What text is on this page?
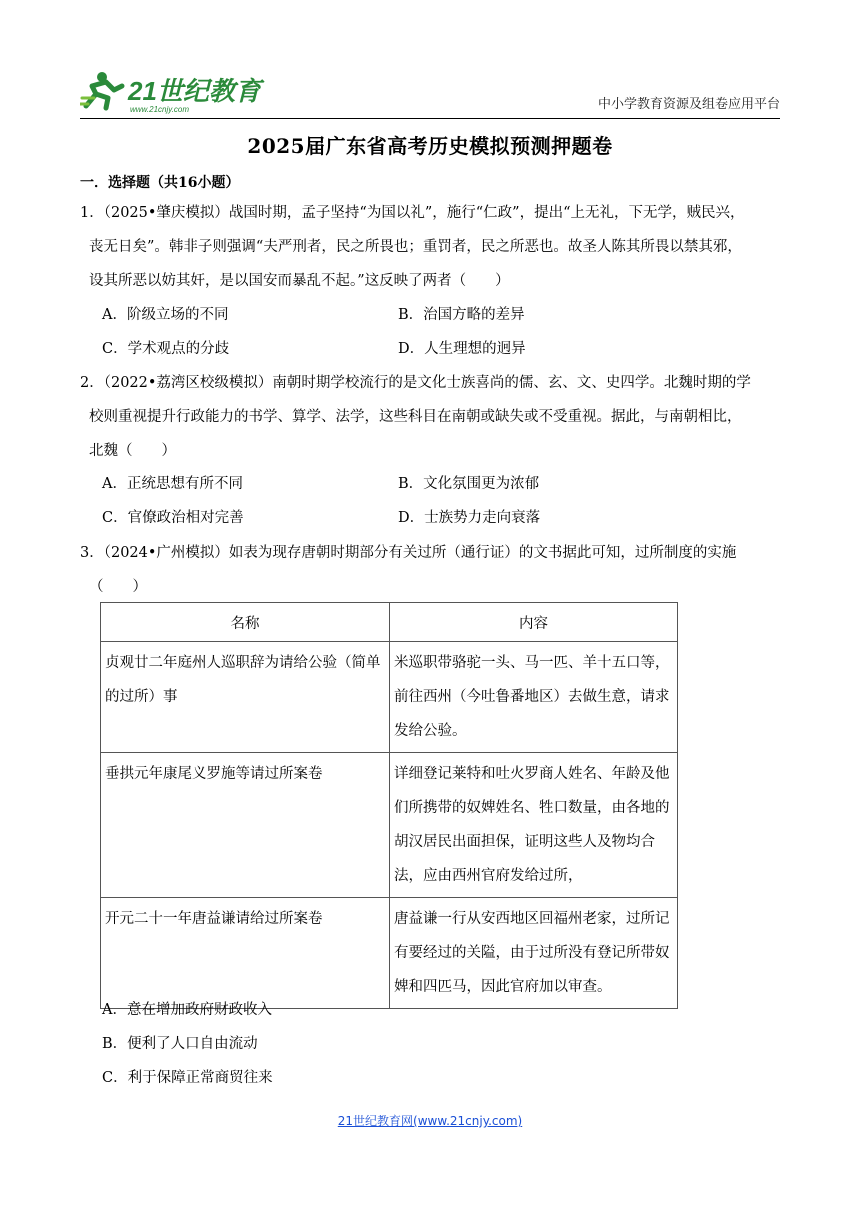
21世纪教育
www.21cnjy.com	中小学教育资源及组卷应用平台
2025届广东省高考历史模拟预测押题卷
一．选择题（共16小题）
1．（2025•肇庆模拟）战国时期，孟子坚持“为国以礼”，施行“仁政”，提出“上无礼，下无学，贼民兴，
丧无日矣”。韩非子则强调“夫严刑者，民之所畏也；重罚者，民之所恶也。故圣人陈其所畏以禁其邪，
设其所恶以妨其奸，是以国安而暴乱不起。”这反映了两者（　　）
A．阶级立场的不同	B．治国方略的差异
C．学术观点的分歧	D．人生理想的迥异
2．（2022•荔湾区校级模拟）南朝时期学校流行的是文化士族喜尚的儒、玄、文、史四学。北魏时期的学
校则重视提升行政能力的书学、算学、法学，这些科目在南朝或缺失或不受重视。据此，与南朝相比，
北魏（　　）
A．正统思想有所不同	B．文化氛围更为浓郁
C．官僚政治相对完善	D．士族势力走向衰落
3．（2024•广州模拟）如表为现存唐朝时期部分有关过所（通行证）的文书据此可知，过所制度的实施
（　　）
名称	内容
贞观廿二年庭州人巡职辞为请给公验（简单的过所）事	米巡职带骆驼一头、马一匹、羊十五口等，前往西州（今吐鲁番地区）去做生意，请求发给公验。
垂拱元年康尾义罗施等请过所案卷	详细登记莱特和吐火罗商人姓名、年龄及他们所携带的奴婢姓名、牲口数量，由各地的胡汉居民出面担保，证明这些人及物均合法，应由西州官府发给过所，
开元二十一年唐益谦请给过所案卷	唐益谦一行从安西地区回福州老家，过所记有要经过的关隘，由于过所没有登记所带奴婢和四匹马，因此官府加以审查。
A．意在增加政府财政收入
B．便利了人口自由流动
C．利于保障正常商贸往来
21世纪教育网(www.21cnjy.com)
